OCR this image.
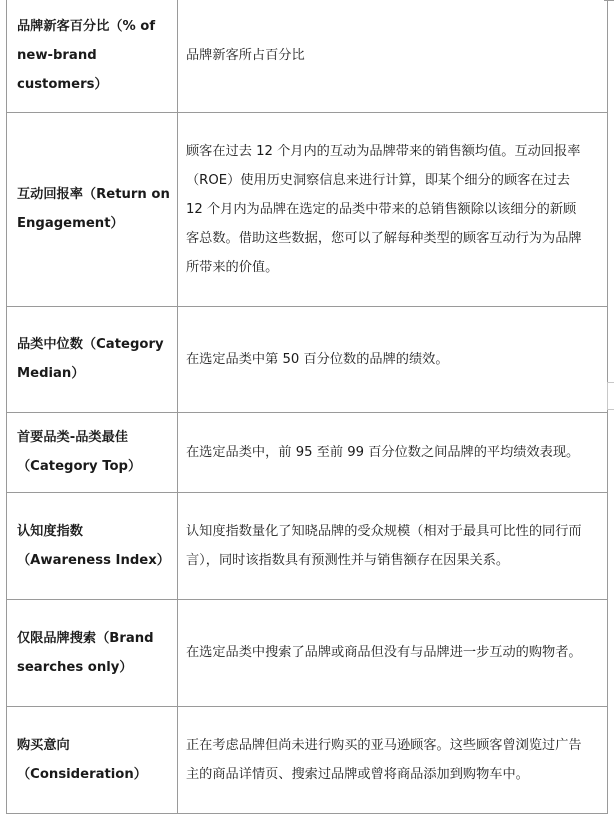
品牌新客百分比（% of new-brand customers）	品牌新客所占百分比

互动回报率（Return on Engagement）	顾客在过去 12 个月内的互动为品牌带来的销售额均值。互动回报率（ROE）使用历史洞察信息来进行计算，即某个细分的顾客在过去 12 个月内为品牌在选定的品类中带来的总销售额除以该细分的新顾客总数。借助这些数据，您可以了解每种类型的顾客互动行为为品牌所带来的价值。

品类中位数（Category Median）	在选定品类中第 50 百分位数的品牌的绩效。

首要品类-品类最佳（Category Top）	在选定品类中，前 95 至前 99 百分位数之间品牌的平均绩效表现。

认知度指数（Awareness Index）	认知度指数量化了知晓品牌的受众规模（相对于最具可比性的同行而言），同时该指数具有预测性并与销售额存在因果关系。

仅限品牌搜索（Brand searches only）	在选定品类中搜索了品牌或商品但没有与品牌进一步互动的购物者。

购买意向（Consideration）	正在考虑品牌但尚未进行购买的亚马逊顾客。这些顾客曾浏览过广告主的商品详情页、搜索过品牌或曾将商品添加到购物车中。
